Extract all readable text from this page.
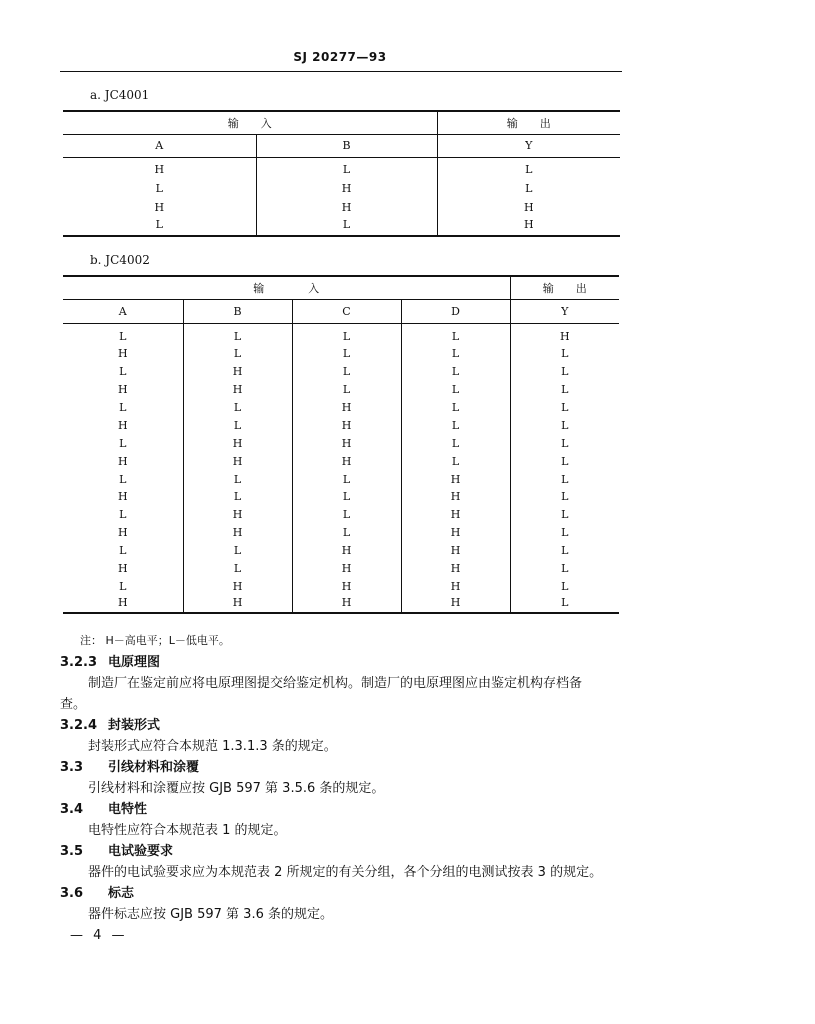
SJ 20277—93
a. JC4001
输　　入		输　　出
A	B	Y
H	L	L
L	H	L
H	H	H
L	L	H
b. JC4002
输　　　　入				输　　出
A	B	C	D	Y
L	L	L	L	H
H	L	L	L	L
L	H	L	L	L
H	H	L	L	L
L	L	H	L	L
H	L	H	L	L
L	H	H	L	L
H	H	H	L	L
L	L	L	H	L
H	L	L	H	L
L	H	L	H	L
H	H	L	H	L
L	L	H	H	L
H	L	H	H	L
L	H	H	H	L
H	H	H	H	L
注： H－高电平；L－低电平。
3.2.3 电原理图
制造厂在鉴定前应将电原理图提交给鉴定机构。制造厂的电原理图应由鉴定机构存档备
查。
3.2.4 封装形式
封装形式应符合本规范 1.3.1.3 条的规定。
3.3 引线材料和涂覆
引线材料和涂覆应按 GJB 597 第 3.5.6 条的规定。
3.4 电特性
电特性应符合本规范表 1 的规定。
3.5 电试验要求
器件的电试验要求应为本规范表 2 所规定的有关分组，各个分组的电测试按表 3 的规定。
3.6 标志
器件标志应按 GJB 597 第 3.6 条的规定。
— 4 —
